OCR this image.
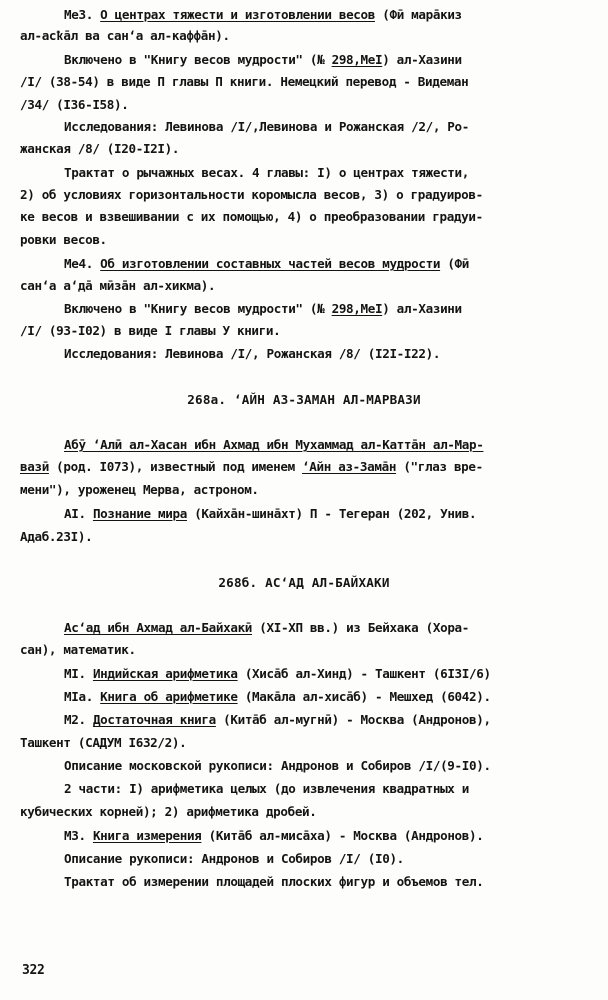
Ме3. О центрах тяжести и изготовлении весов (Фӣ марāкиз
ал-асҟāл ва сан‘а ал-каффāн).
Включено в "Книгу весов мудрости" (№ 298,МеI) ал-Хазини
/I/ (38-54) в виде П главы П книги. Немецкий перевод - Видеман
/34/ (I36-I58).
Исследования: Левинова /I/,Левинова и Рожанская /2/, Ро-
жанская /8/ (I20-I2I).
Трактат о рычажных весах. 4 главы: I) о центрах тяжести,
2) об условиях горизонтальности коромысла весов, 3) о градуиров-
ке весов и взвешивании с их помощью, 4) о преобразовании градуи-
ровки весов.
Ме4. Об изготовлении составных частей весов мудрости (Фӣ
сан‘а а‘дā мӣзāн ал-хикма).
Включено в "Книгу весов мудрости" (№ 298,МеI) ал-Хазини
/I/ (93-I02) в виде I главы У книги.
Исследования: Левинова /I/, Рожанская /8/ (I2I-I22).
268а. ‘АЙН АЗ-ЗАМАН АЛ-МАРВАЗИ
Абӯ ‘Алӣ ал-Хасан ибн Ахмад ибн Мухаммад ал-Каттāн ал-Мар-
вазӣ (род. I073), известный под именем ‘Айн аз-Замāн ("глаз вре-
мени"), уроженец Мерва, астроном.
AI. Познание мира (Кайхāн-шинāхт) П - Тегеран (202, Унив.
Адаб.23I).
268б. АС‘АД АЛ-БАЙХАКИ
Ас‘ад ибн Ахмад ал-Байхакӣ (XI-XП вв.) из Бейхака (Хора-
сан), математик.
MI. Индийская арифметика (Хисāб ал-Хинд) - Ташкент (6I3I/6)
MIа. Книга об арифметике (Макāла ал-хисāб) - Мешхед (6042).
M2. Достаточная книга (Китāб ал-мугнӣ) - Москва (Андронов),
Ташкент (САДУМ I632/2).
Описание московской рукописи: Андронов и Собиров /I/(9-I0).
2 части: I) арифметика целых (до извлечения квадратных и
кубических корней); 2) арифметика дробей.
M3. Книга измерения (Китāб ал-мисāха) - Москва (Андронов).
Описание рукописи: Андронов и Собиров /I/ (I0).
Трактат об измерении площадей плоских фигур и объемов тел.
322
